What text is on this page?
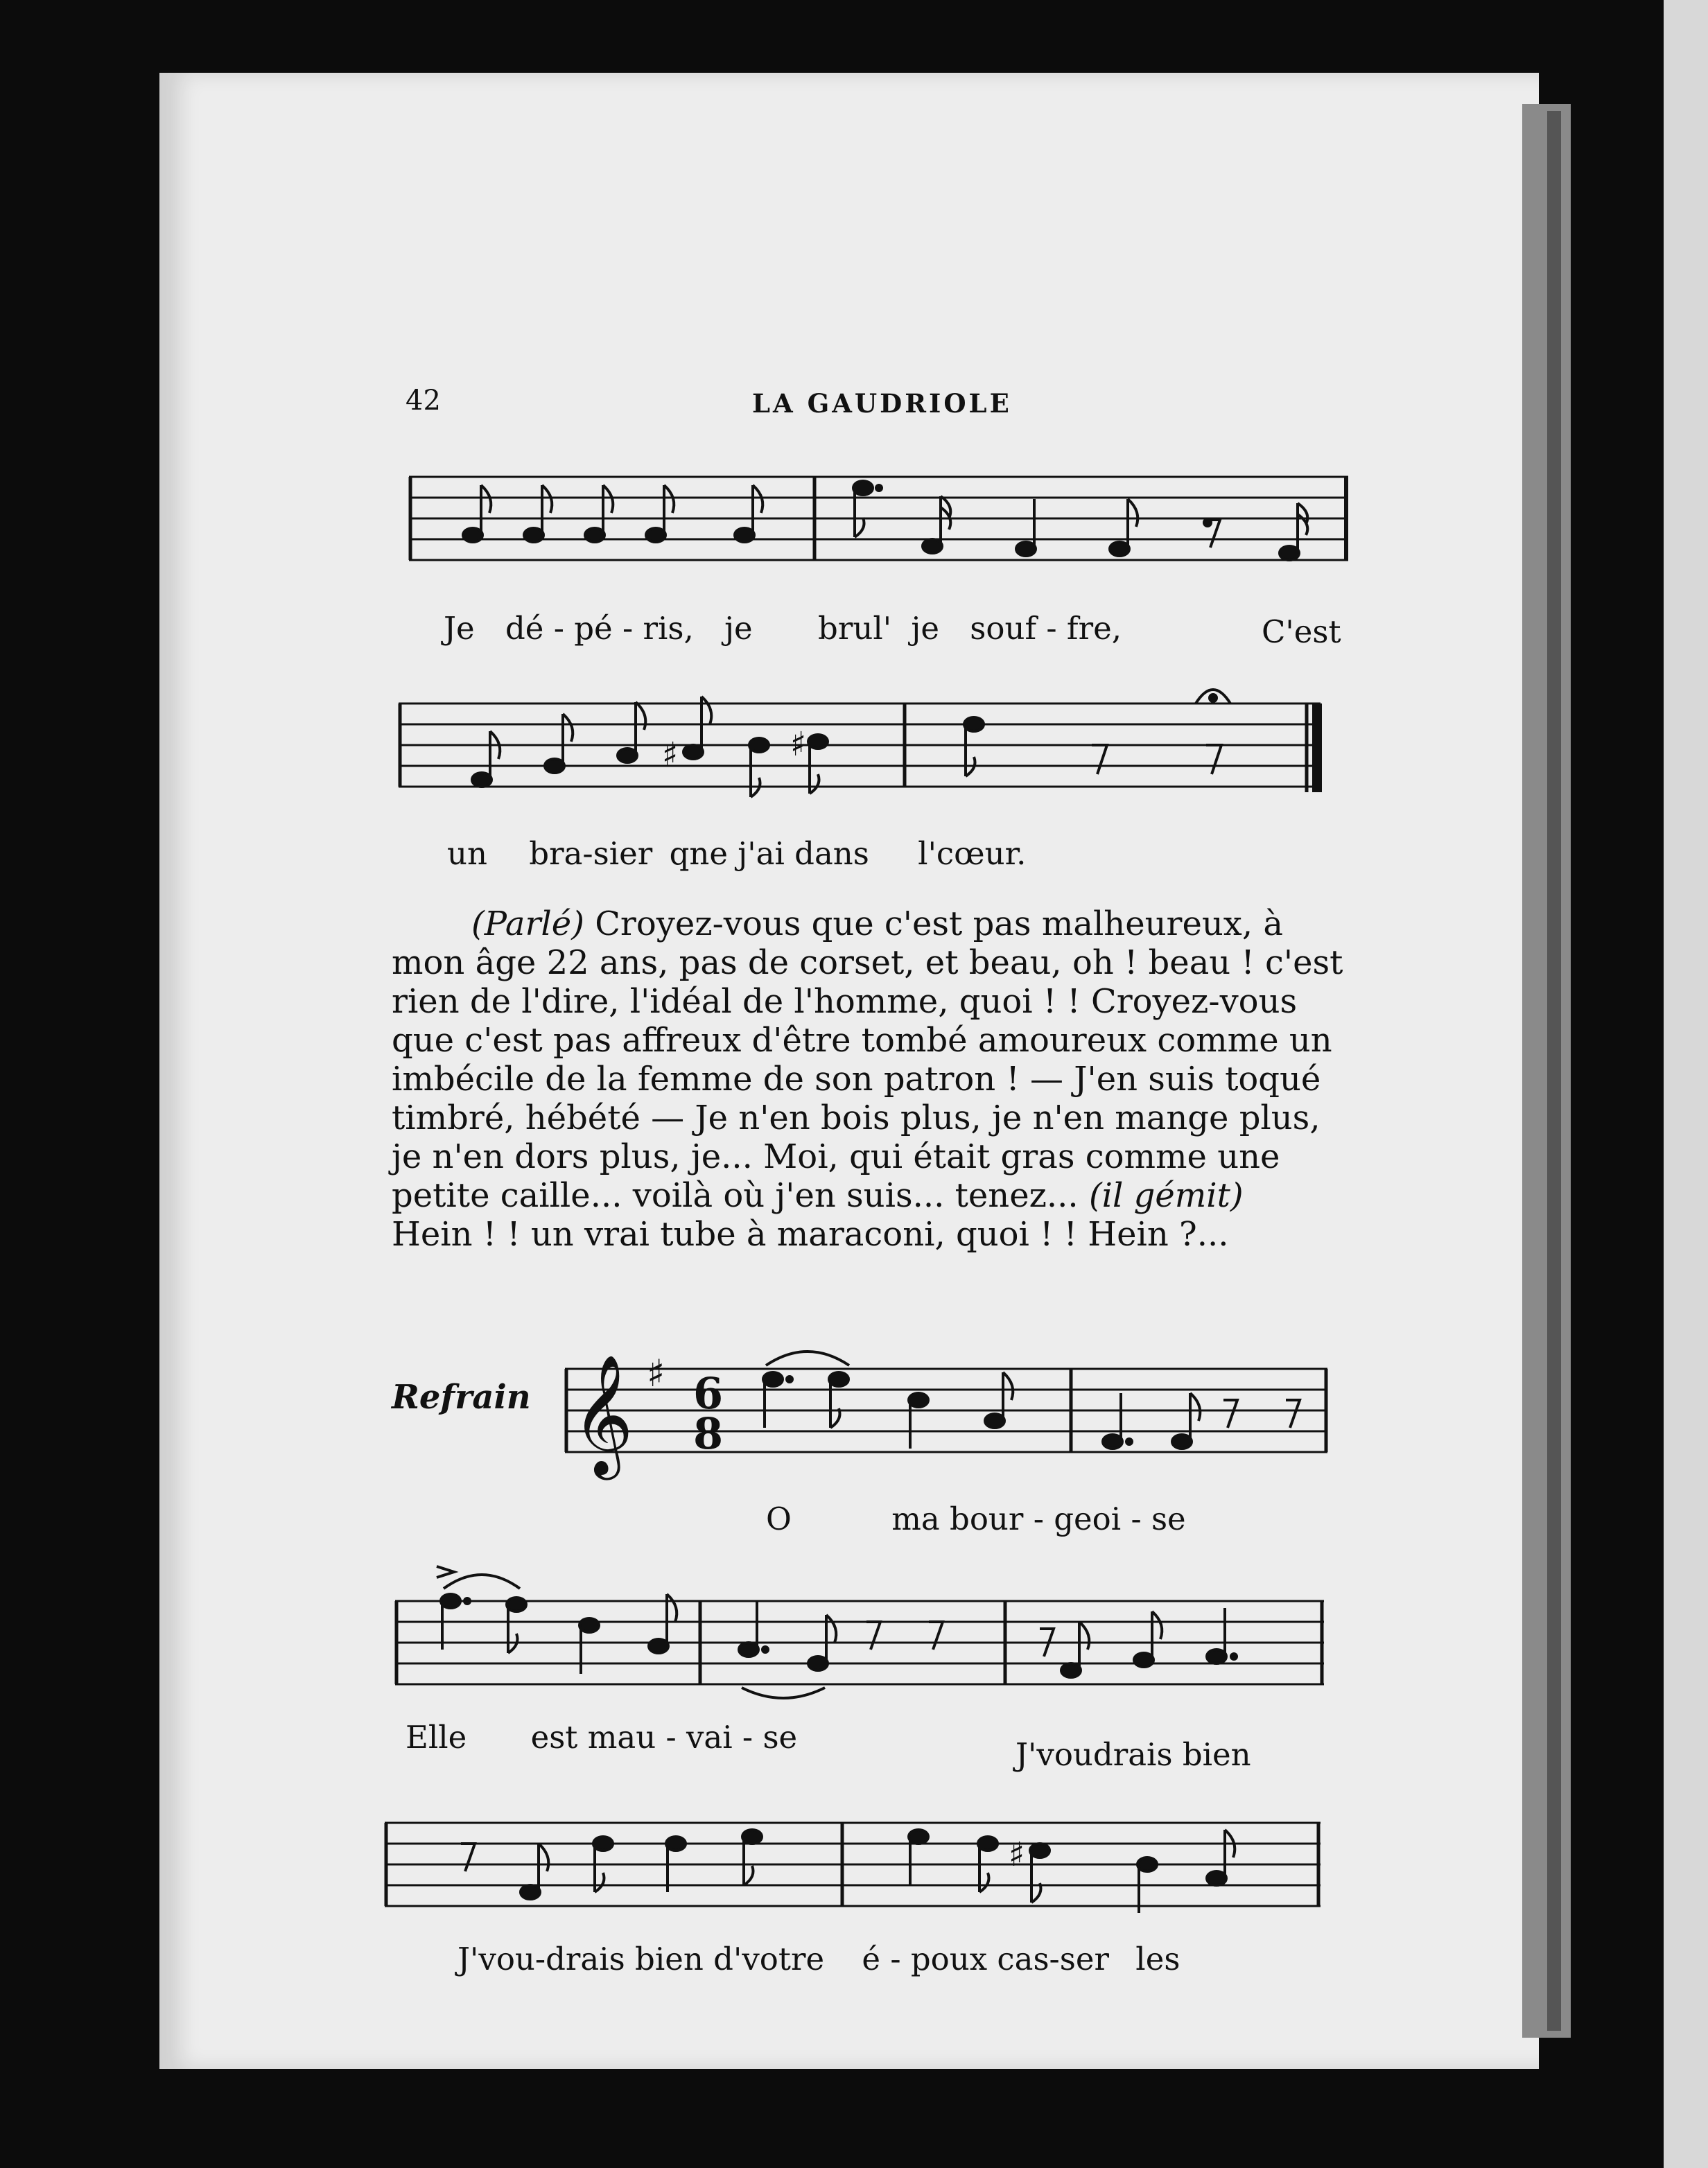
42	LA GAUDRIOLE
Je dé - pé - ris, je brul' je souf - fre,	C'est
♯	♯
un bra-sier qne j'ai dans l'cœur.

(Parlé) Croyez-vous que c'est pas malheureux, à

mon âge 22 ans, pas de corset, et beau, oh ! beau ! c'est

rien de l'dire, l'idéal de l'homme, quoi ! ! Croyez-vous

que c'est pas affreux d'être tombé amoureux comme un

imbécile de la femme de son patron ! — J'en suis toqué

timbré, hébété — Je n'en bois plus, je n'en mange plus,

je n'en dors plus, je... Moi, qui était gras comme une

petite caille... voilà où j'en suis... tenez... (il gémit)

Hein ! ! un vrai tube à maraconi, quoi ! ! Hein ?...

Refrain 𝄞 ♯ 6
8
O	ma bour - geoi - se
Elle est mau - vai - se	J'voudrais bien
♯
J'vou-drais bien d'votre é - poux cas-ser les
